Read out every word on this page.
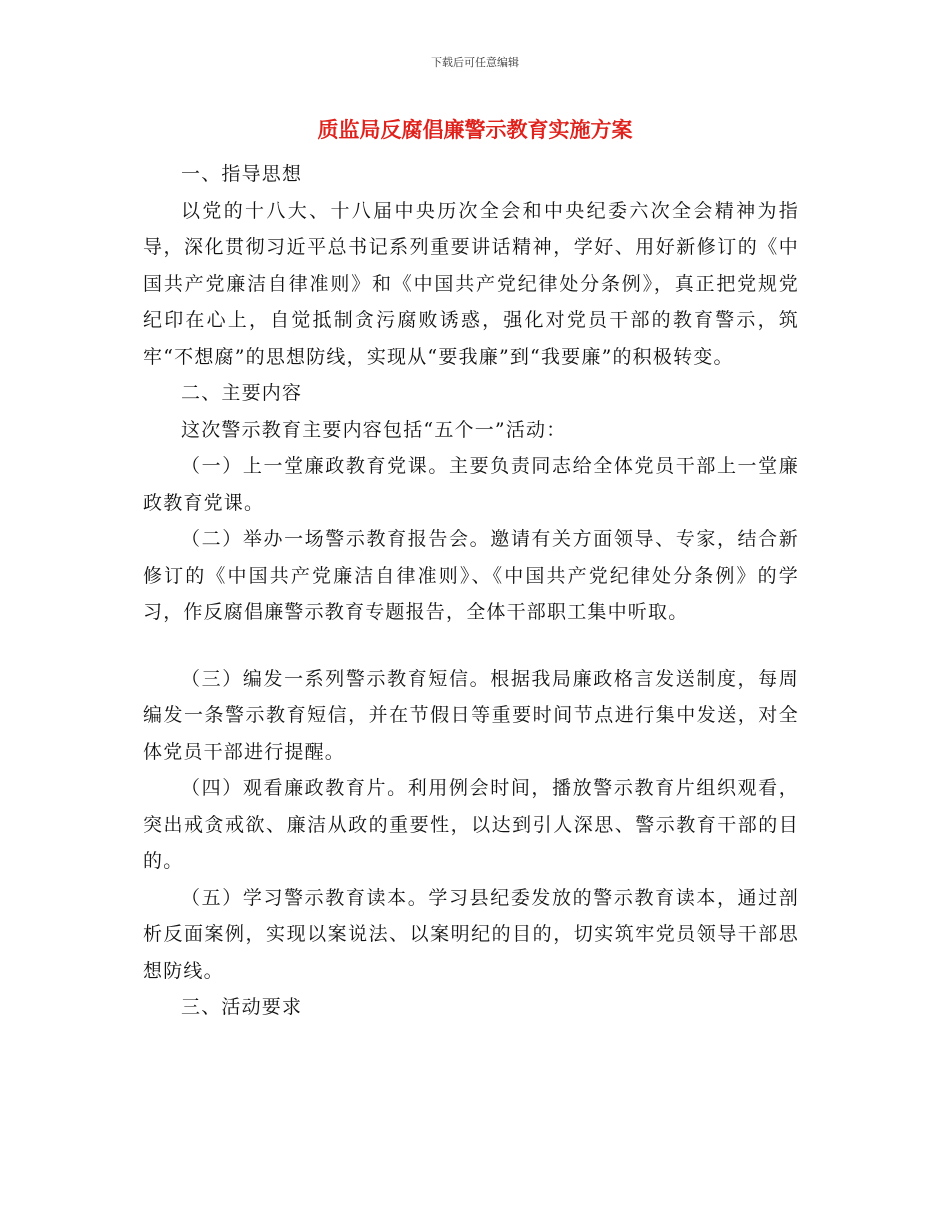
下载后可任意编辑
质监局反腐倡廉警示教育实施方案

一、指导思想

以党的十八大、十八届中央历次全会和中央纪委六次全会精神为指导，深化贯彻习近平总书记系列重要讲话精神，学好、用好新修订的《中国共产党廉洁自律准则》和《中国共产党纪律处分条例》，真正把党规党纪印在心上，自觉抵制贪污腐败诱惑，强化对党员干部的教育警示，筑牢“不想腐”的思想防线，实现从“要我廉”到“我要廉”的积极转变。

二、主要内容

这次警示教育主要内容包括“五个一”活动：

（一）上一堂廉政教育党课。主要负责同志给全体党员干部上一堂廉政教育党课。

（二）举办一场警示教育报告会。邀请有关方面领导、专家，结合新修订的《中国共产党廉洁自律准则》、《中国共产党纪律处分条例》的学习，作反腐倡廉警示教育专题报告，全体干部职工集中听取。

（三）编发一系列警示教育短信。根据我局廉政格言发送制度，每周编发一条警示教育短信，并在节假日等重要时间节点进行集中发送，对全体党员干部进行提醒。

（四）观看廉政教育片。利用例会时间，播放警示教育片组织观看，突出戒贪戒欲、廉洁从政的重要性，以达到引人深思、警示教育干部的目的。

（五）学习警示教育读本。学习县纪委发放的警示教育读本，通过剖析反面案例，实现以案说法、以案明纪的目的，切实筑牢党员领导干部思想防线。

三、活动要求
